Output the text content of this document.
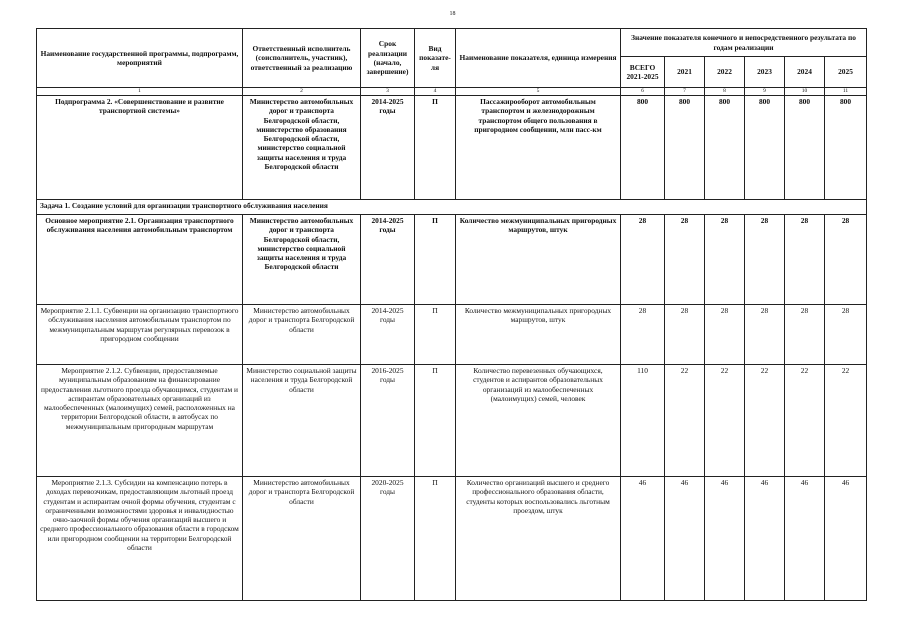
18
Наименование государственной программы, подпрограмм, мероприятий	Ответственный исполнитель (соисполнитель, участник), ответственный за реализацию	Срок реализации (начало, завершение)	Вид показате-ля	Наименование показателя, единица измерения	Значение показателя конечного и непосредственного результата по годам реализации					
					ВСЕГО 2021-2025	2021	2022	2023	2024	2025
1	2	3	4	5	6	7	8	9	10	11
Подпрограмма 2. «Совершенствование и развитие транспортной системы»	Министерство автомобильных дорог и транспорта Белгородской области, министерство образования Белгородской области, министерство социальной защиты населения и труда Белгородской области	2014-2025 годы	П	Пассажирооборот автомобильным транспортом и железнодорожным транспортом общего пользования в пригородном сообщении, млн пасс-км	800	800	800	800	800	800
Задача 1. Создание условий для организации транспортного обслуживания населения										
Основное мероприятие 2.1. Организация транспортного обслуживания населения автомобильным транспортом	Министерство автомобильных дорог и транспорта Белгородской области, министерство социальной защиты населения и труда Белгородской области	2014-2025 годы	П	Количество межмуниципальных пригородных маршрутов, штук	28	28	28	28	28	28
Мероприятие 2.1.1. Субвенции на организацию транспортного обслуживания населения автомобильным транспортом по межмуниципальным маршрутам регулярных перевозок в пригородном сообщении	Министерство автомобильных дорог и транспорта Белгородской области	2014-2025 годы	П	Количество межмуниципальных пригородных маршрутов, штук	28	28	28	28	28	28
Мероприятие 2.1.2. Субвенции, предоставляемые муниципальным образованиям на финансирование предоставления льготного проезда обучающимся, студентам и аспирантам образовательных организаций из малообеспеченных (малоимущих) семей, расположенных на территории Белгородской области, в автобусах по межмуниципальным пригородным маршрутам	Министерство социальной защиты населения и труда Белгородской области	2016-2025 годы	П	Количество перевезенных обучающихся, студентов и аспирантов образовательных организаций из малообеспеченных (малоимущих) семей, человек	110	22	22	22	22	22
Мероприятие 2.1.3. Субсидии на компенсацию потерь в доходах перевозчикам, предоставляющим льготный проезд студентам и аспирантам очной формы обучения, студентам с ограниченными возможностями здоровья и инвалидностью очно-заочной формы обучения организаций высшего и среднего профессионального образования области в городском или пригородном сообщении на территории Белгородской области	Министерство автомобильных дорог и транспорта Белгородской области	2020-2025 годы	П	Количество организаций высшего и среднего профессионального образования области, студенты которых воспользовались льготным проездом, штук	46	46	46	46	46	46
